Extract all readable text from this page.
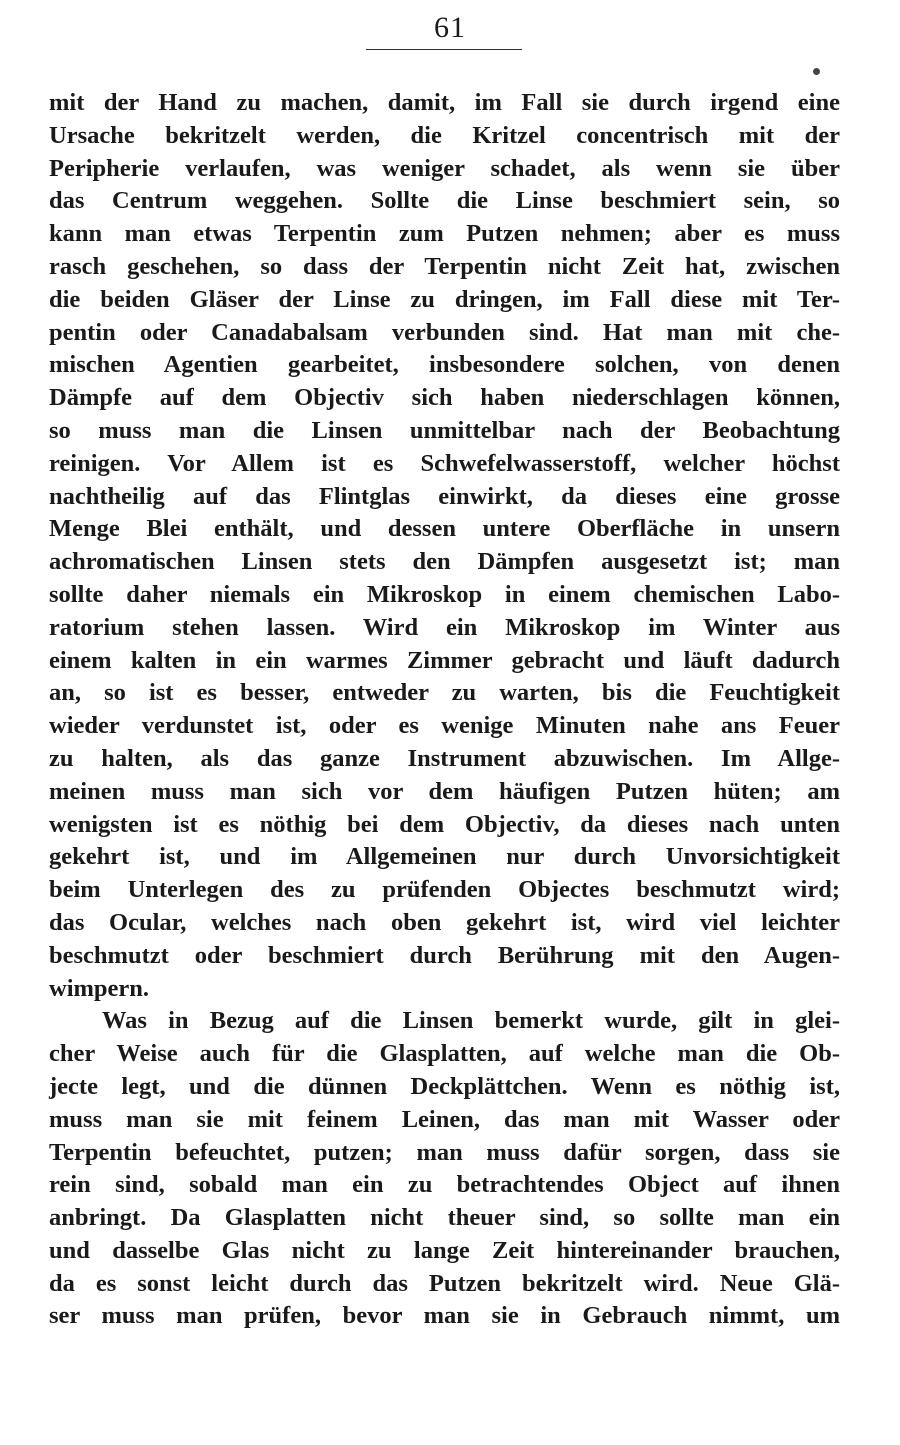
61
mit der Hand zu machen, damit, im Fall sie durch irgend eine
Ursache bekritzelt werden, die Kritzel concentrisch mit der
Peripherie verlaufen, was weniger schadet, als wenn sie über
das Centrum weggehen. Sollte die Linse beschmiert sein, so
kann man etwas Terpentin zum Putzen nehmen; aber es muss
rasch geschehen, so dass der Terpentin nicht Zeit hat, zwischen
die beiden Gläser der Linse zu dringen, im Fall diese mit Ter-
pentin oder Canadabalsam verbunden sind. Hat man mit che-
mischen Agentien gearbeitet, insbesondere solchen, von denen
Dämpfe auf dem Objectiv sich haben niederschlagen können,
so muss man die Linsen unmittelbar nach der Beobachtung
reinigen. Vor Allem ist es Schwefelwasserstoff, welcher höchst
nachtheilig auf das Flintglas einwirkt, da dieses eine grosse
Menge Blei enthält, und dessen untere Oberfläche in unsern
achromatischen Linsen stets den Dämpfen ausgesetzt ist; man
sollte daher niemals ein Mikroskop in einem chemischen Labo-
ratorium stehen lassen. Wird ein Mikroskop im Winter aus
einem kalten in ein warmes Zimmer gebracht und läuft dadurch
an, so ist es besser, entweder zu warten, bis die Feuchtigkeit
wieder verdunstet ist, oder es wenige Minuten nahe ans Feuer
zu halten, als das ganze Instrument abzuwischen. Im Allge-
meinen muss man sich vor dem häufigen Putzen hüten; am
wenigsten ist es nöthig bei dem Objectiv, da dieses nach unten
gekehrt ist, und im Allgemeinen nur durch Unvorsichtigkeit
beim Unterlegen des zu prüfenden Objectes beschmutzt wird;
das Ocular, welches nach oben gekehrt ist, wird viel leichter
beschmutzt oder beschmiert durch Berührung mit den Augen-
wimpern.
Was in Bezug auf die Linsen bemerkt wurde, gilt in glei-
cher Weise auch für die Glasplatten, auf welche man die Ob-
jecte legt, und die dünnen Deckplättchen. Wenn es nöthig ist,
muss man sie mit feinem Leinen, das man mit Wasser oder
Terpentin befeuchtet, putzen; man muss dafür sorgen, dass sie
rein sind, sobald man ein zu betrachtendes Object auf ihnen
anbringt. Da Glasplatten nicht theuer sind, so sollte man ein
und dasselbe Glas nicht zu lange Zeit hintereinander brauchen,
da es sonst leicht durch das Putzen bekritzelt wird. Neue Glä-
ser muss man prüfen, bevor man sie in Gebrauch nimmt, um
